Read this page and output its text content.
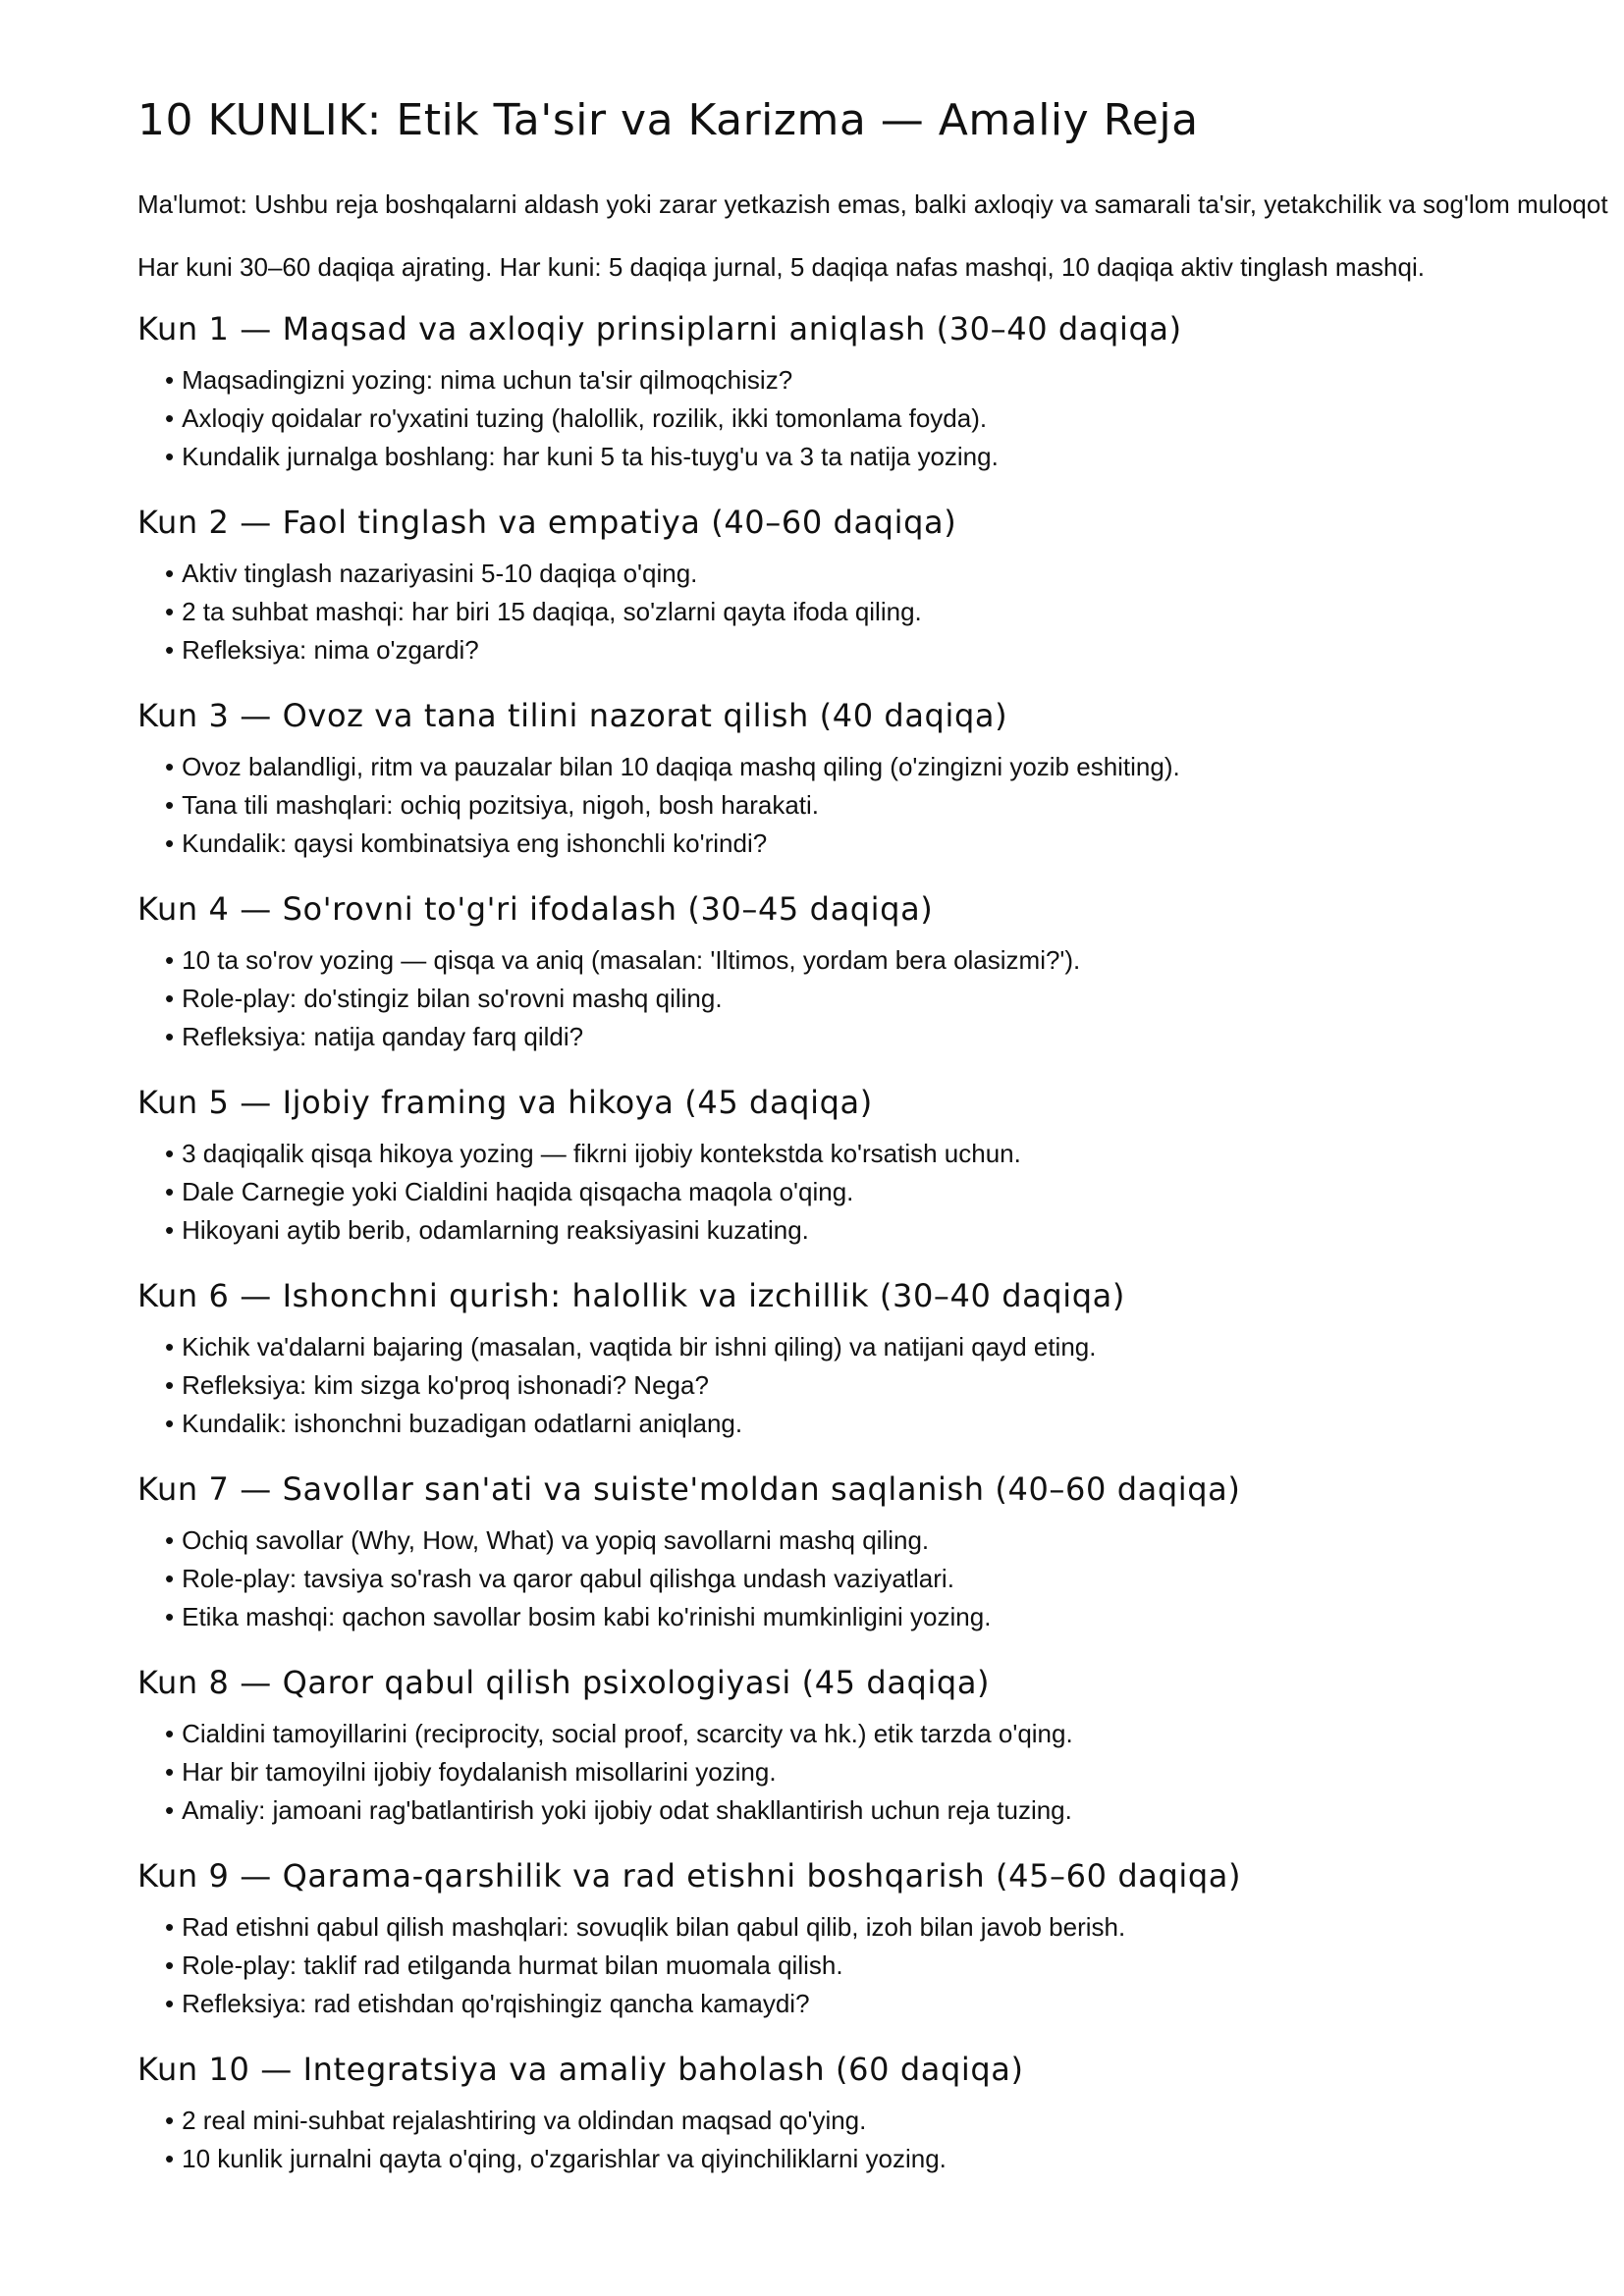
10 KUNLIK: Etik Ta'sir va Karizma — Amaliy Reja

Ma'lumot: Ushbu reja boshqalarni aldash yoki zarar yetkazish emas, balki axloqiy va samarali ta'sir, yetakchilik va sog'lom muloqot

Har kuni 30–60 daqiqa ajrating. Har kuni: 5 daqiqa jurnal, 5 daqiqa nafas mashqi, 10 daqiqa aktiv tinglash mashqi.

Kun 1 — Maqsad va axloqiy prinsiplarni aniqlash (30–40 daqiqa)
• Maqsadingizni yozing: nima uchun ta'sir qilmoqchisiz?
• Axloqiy qoidalar ro'yxatini tuzing (halollik, rozilik, ikki tomonlama foyda).
• Kundalik jurnalga boshlang: har kuni 5 ta his-tuyg'u va 3 ta natija yozing.
Kun 2 — Faol tinglash va empatiya (40–60 daqiqa)
• Aktiv tinglash nazariyasini 5-10 daqiqa o'qing.
• 2 ta suhbat mashqi: har biri 15 daqiqa, so'zlarni qayta ifoda qiling.
• Refleksiya: nima o'zgardi?
Kun 3 — Ovoz va tana tilini nazorat qilish (40 daqiqa)
• Ovoz balandligi, ritm va pauzalar bilan 10 daqiqa mashq qiling (o'zingizni yozib eshiting).
• Tana tili mashqlari: ochiq pozitsiya, nigoh, bosh harakati.
• Kundalik: qaysi kombinatsiya eng ishonchli ko'rindi?
Kun 4 — So'rovni to'g'ri ifodalash (30–45 daqiqa)
• 10 ta so'rov yozing — qisqa va aniq (masalan: 'Iltimos, yordam bera olasizmi?').
• Role-play: do'stingiz bilan so'rovni mashq qiling.
• Refleksiya: natija qanday farq qildi?
Kun 5 — Ijobiy framing va hikoya (45 daqiqa)
• 3 daqiqalik qisqa hikoya yozing — fikrni ijobiy kontekstda ko'rsatish uchun.
• Dale Carnegie yoki Cialdini haqida qisqacha maqola o'qing.
• Hikoyani aytib berib, odamlarning reaksiyasini kuzating.
Kun 6 — Ishonchni qurish: halollik va izchillik (30–40 daqiqa)
• Kichik va'dalarni bajaring (masalan, vaqtida bir ishni qiling) va natijani qayd eting.
• Refleksiya: kim sizga ko'proq ishonadi? Nega?
• Kundalik: ishonchni buzadigan odatlarni aniqlang.
Kun 7 — Savollar san'ati va suiste'moldan saqlanish (40–60 daqiqa)
• Ochiq savollar (Why, How, What) va yopiq savollarni mashq qiling.
• Role-play: tavsiya so'rash va qaror qabul qilishga undash vaziyatlari.
• Etika mashqi: qachon savollar bosim kabi ko'rinishi mumkinligini yozing.
Kun 8 — Qaror qabul qilish psixologiyasi (45 daqiqa)
• Cialdini tamoyillarini (reciprocity, social proof, scarcity va hk.) etik tarzda o'qing.
• Har bir tamoyilni ijobiy foydalanish misollarini yozing.
• Amaliy: jamoani rag'batlantirish yoki ijobiy odat shakllantirish uchun reja tuzing.
Kun 9 — Qarama-qarshilik va rad etishni boshqarish (45–60 daqiqa)
• Rad etishni qabul qilish mashqlari: sovuqlik bilan qabul qilib, izoh bilan javob berish.
• Role-play: taklif rad etilganda hurmat bilan muomala qilish.
• Refleksiya: rad etishdan qo'rqishingiz qancha kamaydi?
Kun 10 — Integratsiya va amaliy baholash (60 daqiqa)
• 2 real mini-suhbat rejalashtiring va oldindan maqsad qo'ying.
• 10 kunlik jurnalni qayta o'qing, o'zgarishlar va qiyinchiliklarni yozing.
